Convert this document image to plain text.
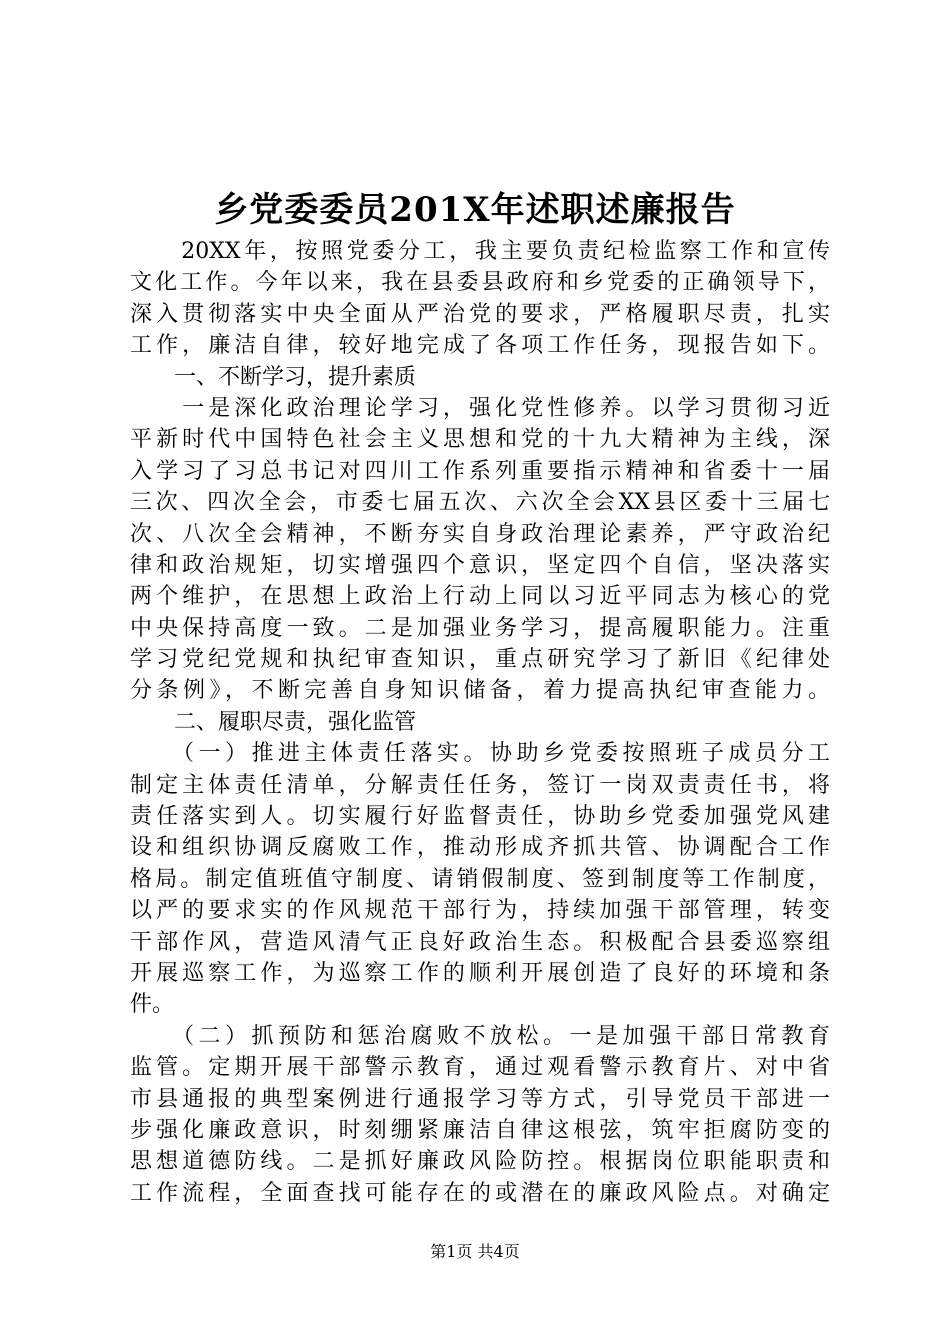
乡党委委员201X年述职述廉报告
　　20XX年，按照党委分工，我主要负责纪检监察工作和宣传
文化工作。今年以来，我在县委县政府和乡党委的正确领导下，
深入贯彻落实中央全面从严治党的要求，严格履职尽责，扎实
工作，廉洁自律，较好地完成了各项工作任务，现报告如下。
　　一、不断学习，提升素质
　　一是深化政治理论学习，强化党性修养。以学习贯彻习近
平新时代中国特色社会主义思想和党的十九大精神为主线，深
入学习了习总书记对四川工作系列重要指示精神和省委十一届
三次、四次全会，市委七届五次、六次全会XX县区委十三届七
次、八次全会精神，不断夯实自身政治理论素养，严守政治纪
律和政治规矩，切实增强四个意识，坚定四个自信，坚决落实
两个维护，在思想上政治上行动上同以习近平同志为核心的党
中央保持高度一致。二是加强业务学习，提高履职能力。注重
学习党纪党规和执纪审查知识，重点研究学习了新旧《纪律处
分条例》，不断完善自身知识储备，着力提高执纪审查能力。
　　二、履职尽责，强化监管
　　（一）推进主体责任落实。协助乡党委按照班子成员分工
制定主体责任清单，分解责任任务，签订一岗双责责任书，将
责任落实到人。切实履行好监督责任，协助乡党委加强党风建
设和组织协调反腐败工作，推动形成齐抓共管、协调配合工作
格局。制定值班值守制度、请销假制度、签到制度等工作制度，
以严的要求实的作风规范干部行为，持续加强干部管理，转变
干部作风，营造风清气正良好政治生态。积极配合县委巡察组
开展巡察工作，为巡察工作的顺利开展创造了良好的环境和条
件。
　　（二）抓预防和惩治腐败不放松。一是加强干部日常教育
监管。定期开展干部警示教育，通过观看警示教育片、对中省
市县通报的典型案例进行通报学习等方式，引导党员干部进一
步强化廉政意识，时刻绷紧廉洁自律这根弦，筑牢拒腐防变的
思想道德防线。二是抓好廉政风险防控。根据岗位职能职责和
工作流程，全面查找可能存在的或潜在的廉政风险点。对确定
第1页 共4页
